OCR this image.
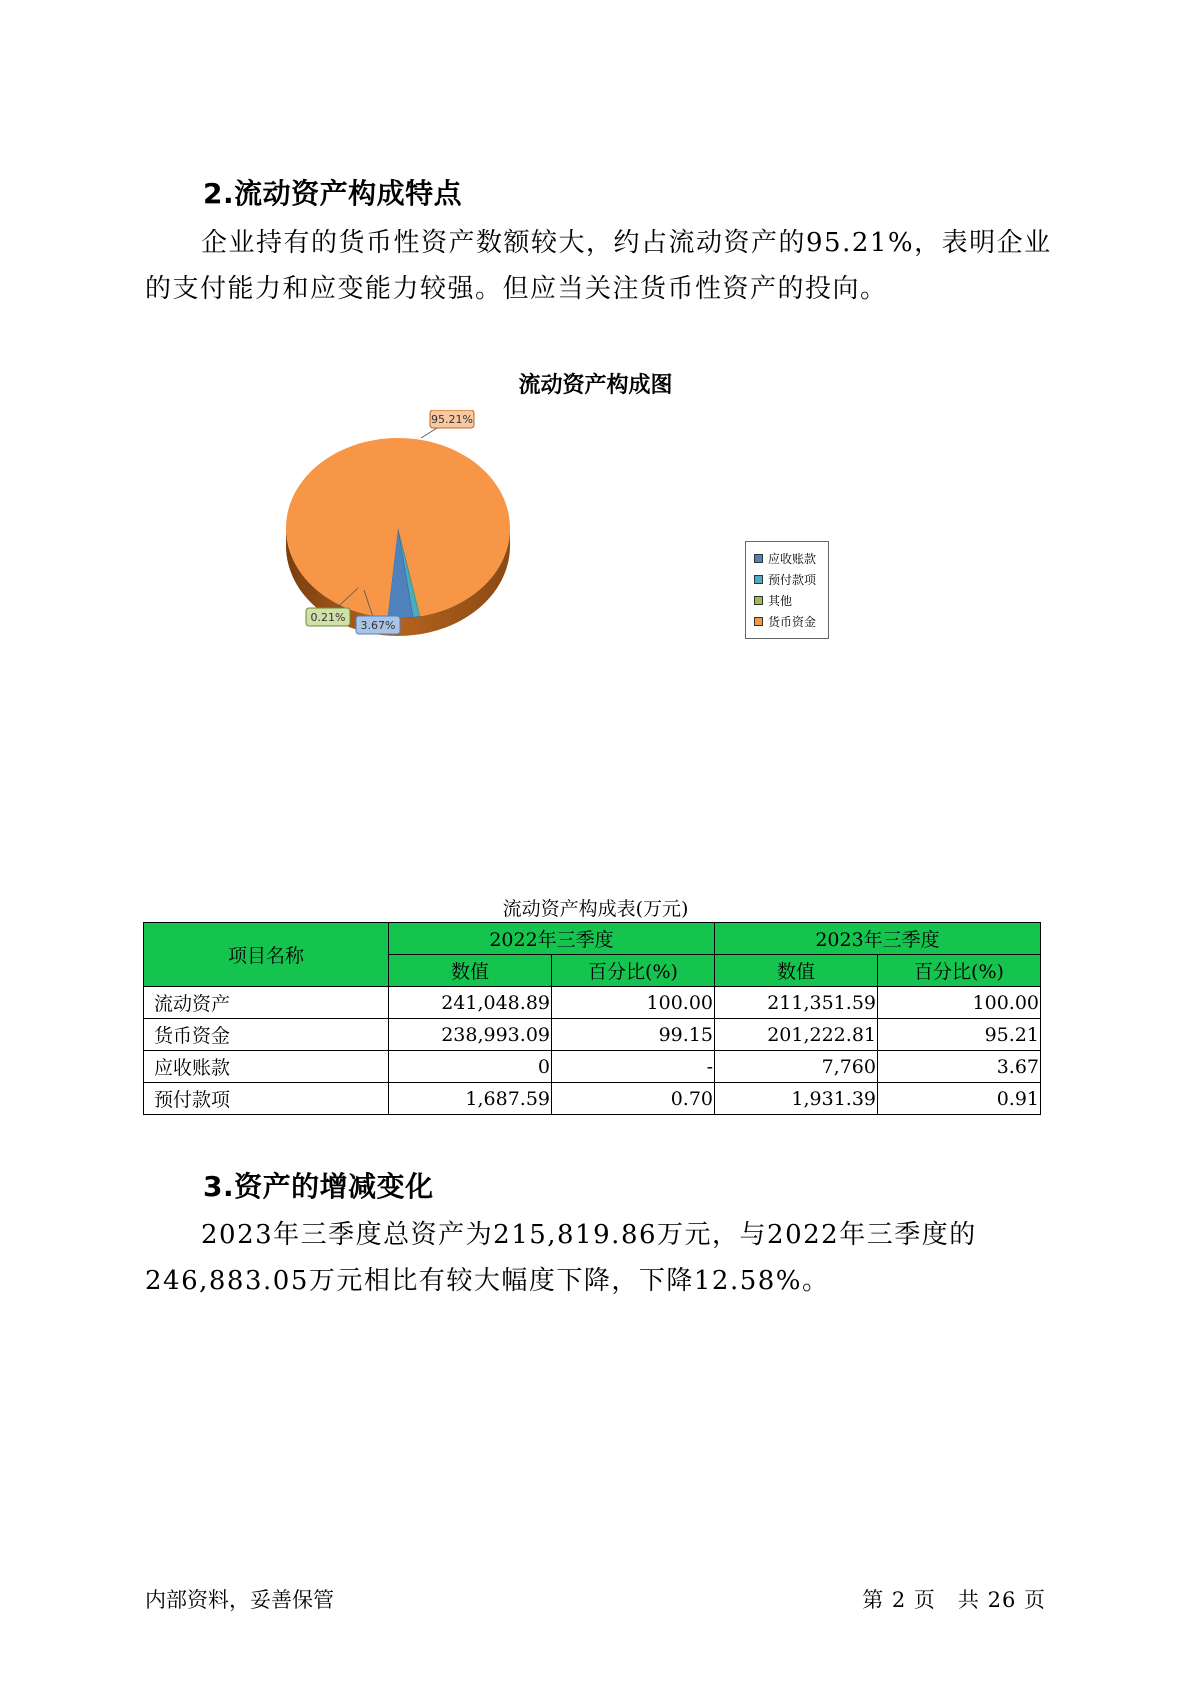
2.流动资产构成特点

企业持有的货币性资产数额较大，约占流动资产的95.21%，表明企业的支付能力和应变能力较强。但应当关注货币性资产的投向。

流动资产构成图
3.67%
0.21%
95.21%
应收账款
预付款项
其他
货币资金

流动资产构成表(万元)

项目名称	2022年三季度		2023年三季度	
	数值	百分比(%)	数值	百分比(%)
流动资产	241,048.89	100.00	211,351.59	100.00
货币资金	238,993.09	99.15	201,222.81	95.21
应收账款	0	-	7,760	3.67
预付款项	1,687.59	0.70	1,931.39	0.91
3.资产的增减变化

2023年三季度总资产为215,819.86万元，与2022年三季度的246,883.05万元相比有较大幅度下降，下降12.58%。

内部资料，妥善保管	第 2 页　共 26 页
